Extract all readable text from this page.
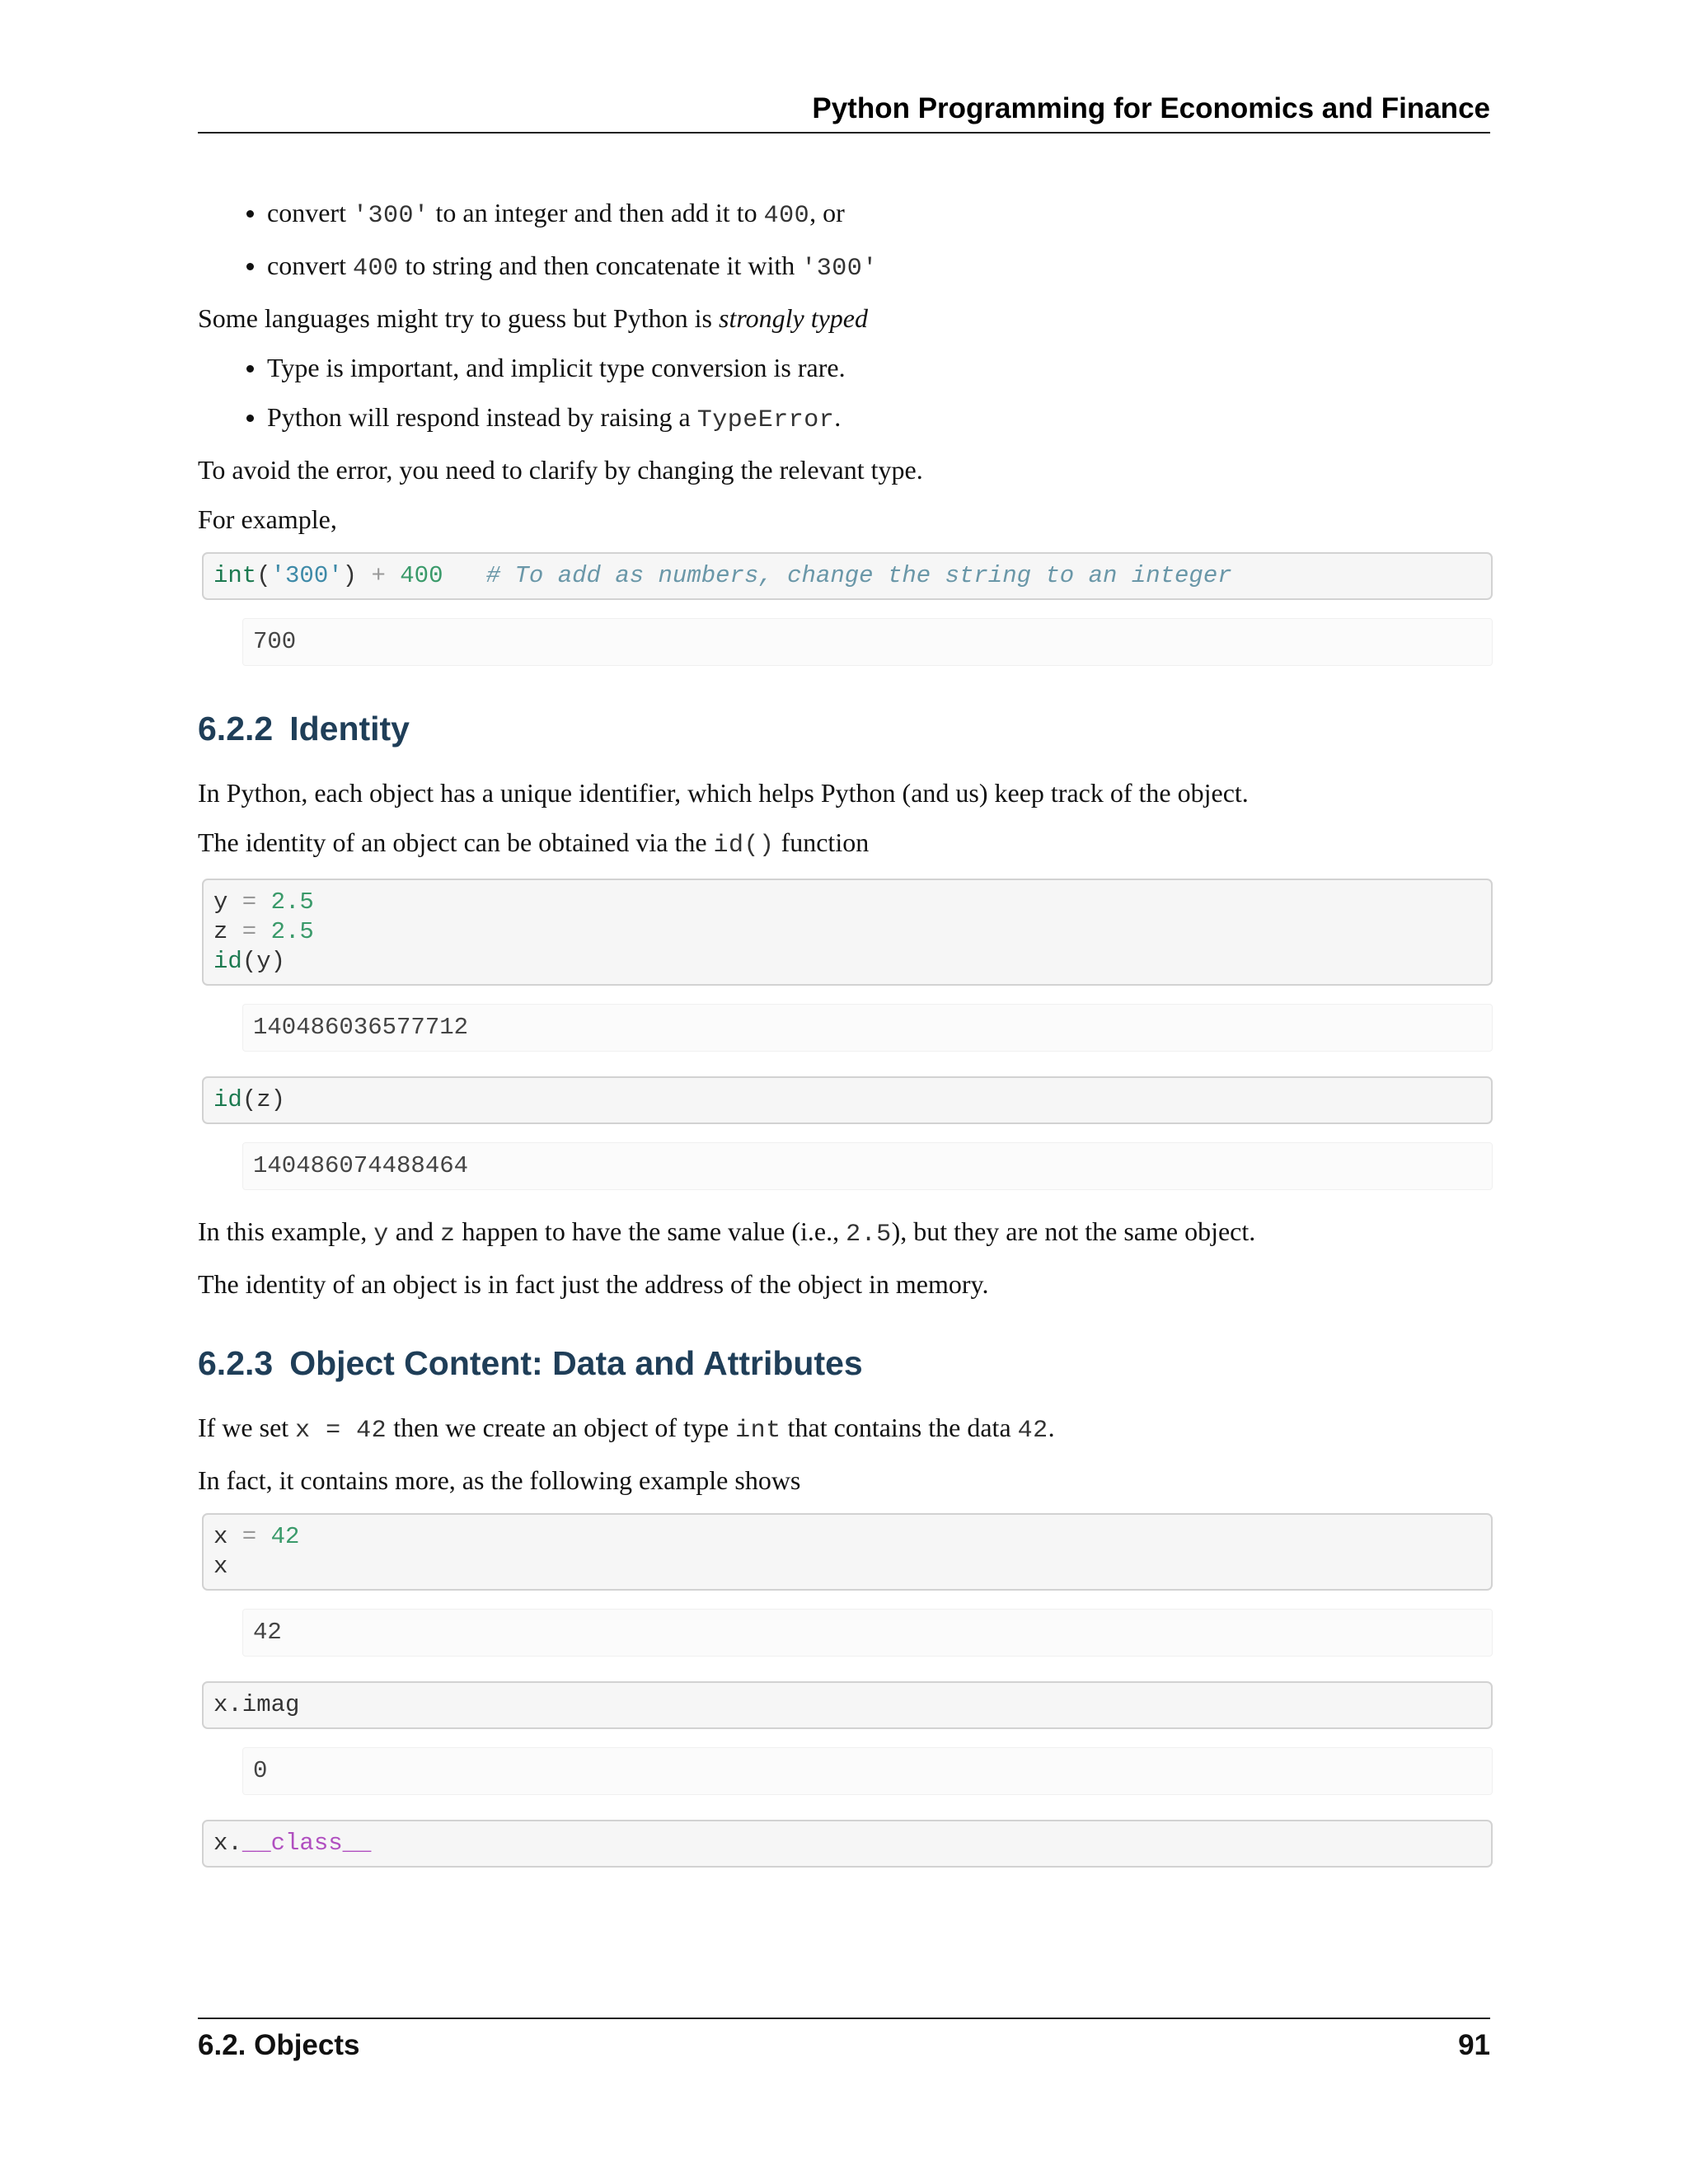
Python Programming for Economics and Finance
convert '300' to an integer and then add it to 400, or
convert 400 to string and then concatenate it with '300'

Some languages might try to guess but Python is strongly typed

Type is important, and implicit type conversion is rare.
Python will respond instead by raising a TypeError.

To avoid the error, you need to clarify by changing the relevant type.

For example,

int('300') + 400   # To add as numbers, change the string to an integer
700
6.2.2 Identity

In Python, each object has a unique identifier, which helps Python (and us) keep track of the object.

The identity of an object can be obtained via the id() function

y = 2.5
z = 2.5
id(y)
140486036577712
id(z)
140486074488464

In this example, y and z happen to have the same value (i.e., 2.5), but they are not the same object.

The identity of an object is in fact just the address of the object in memory.

6.2.3 Object Content: Data and Attributes

If we set x = 42 then we create an object of type int that contains the data 42.

In fact, it contains more, as the following example shows

x = 42
x
42
x.imag
0
x.__class__
6.2. Objects	91
